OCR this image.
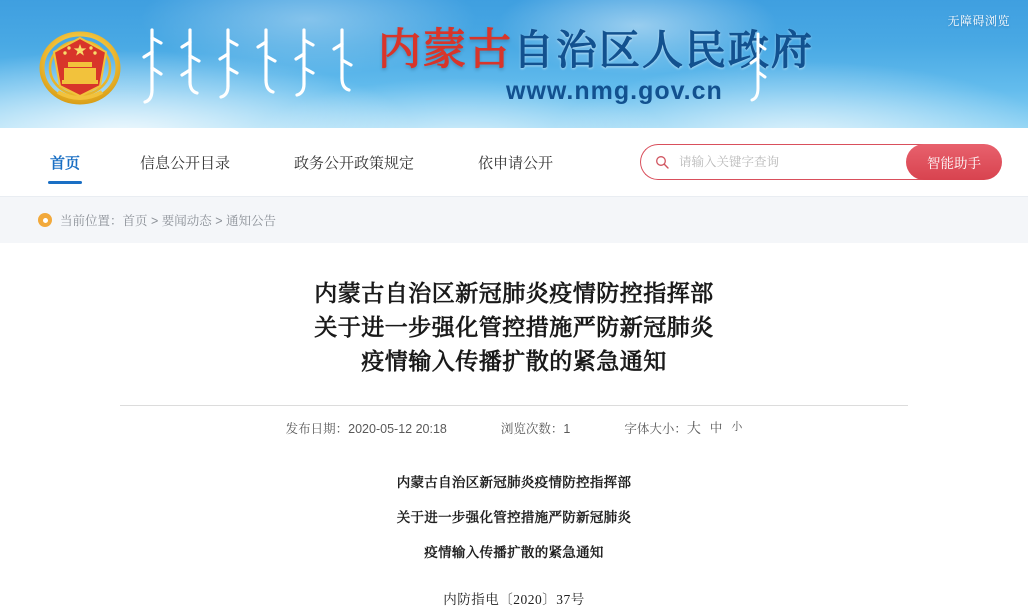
无障碍浏览
内蒙古自治区人民政府
www.nmg.gov.cn
首页	信息公开目录	政务公开政策规定	依申请公开
请输入关键字查询	智能助手
当前位置：首页 > 要闻动态 > 通知公告
内蒙古自治区新冠肺炎疫情防控指挥部
关于进一步强化管控措施严防新冠肺炎
疫情输入传播扩散的紧急通知
发布日期：2020-05-12 20:18	浏览次数：1	字体大小： 大 中 小

内蒙古自治区新冠肺炎疫情防控指挥部

关于进一步强化管控措施严防新冠肺炎

疫情输入传播扩散的紧急通知

内防指电〔2020〕37号
